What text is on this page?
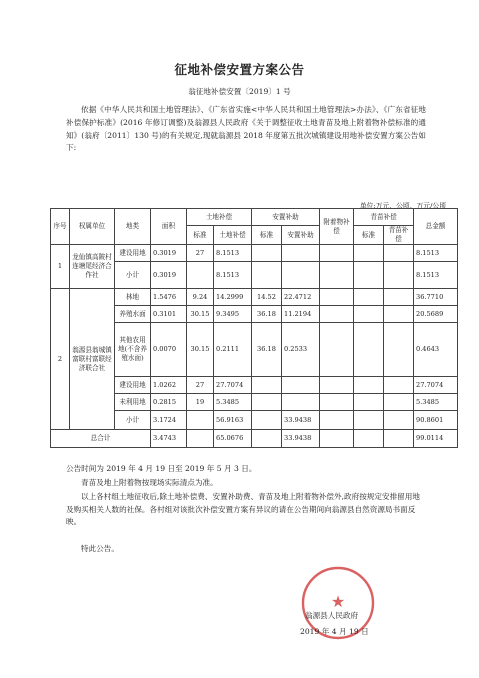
征地补偿安置方案公告
翁征地补偿安置〔2019〕1 号
依据《中华人民共和国土地管理法》、《广东省实施<中华人民共和国土地管理法>办法》、《广东省征地补偿保护标准》(2016 年修订调整)及翁源县人民政府《关于调整征收土地青苗及地上附着物补偿标准的通知》(翁府〔2011〕130 号)的有关规定,现就翁源县 2018 年度第五批次城镇建设用地补偿安置方案公告如下:
单位:万元、公顷、万元/公顷
序号	权属单位	地类	面积	土地补偿		安置补助		附着物补偿	青苗补偿		总金额
				标准	土地补偿	标准	安置补助		标准	青苗补偿	
1	龙仙镇高陂村连塘尾经济合作社	建设用地	0.3019	27	8.1513						8.1513
		小计	0.3019		8.1513						8.1513
2	翁源县翁城镇富联村富联经济联合社	林地	1.5476	9.24	14.2999	14.52	22.4712				36.7710
		养殖水面	0.3101	30.15	9.3495	36.18	11.2194				20.5689
		其他农用地(不含养殖水面)	0.0070	30.15	0.2111	36.18	0.2533				0.4643
		建设用地	1.0262	27	27.7074						27.7074
		未利用地	0.2815	19	5.3485						5.3485
		小计	3.1724		56.9163		33.9438				90.8601
总合计			3.4743		65.0676		33.9438				99.0114
公告时间为 2019 年 4 月 19 日至 2019 年 5 月 3 日。
青苗及地上附着物按现场实际清点为准。
以上各村组土地征收后,除土地补偿费、安置补助费、青苗及地上附着物补偿外,政府按规定安排留用地及购买相关人数的社保。各村组对该批次补偿安置方案有异议的请在公告期间向翁源县自然资源局书面反映。
特此公告。
★
翁源县人民政府
2019 年 4 月 19 日
